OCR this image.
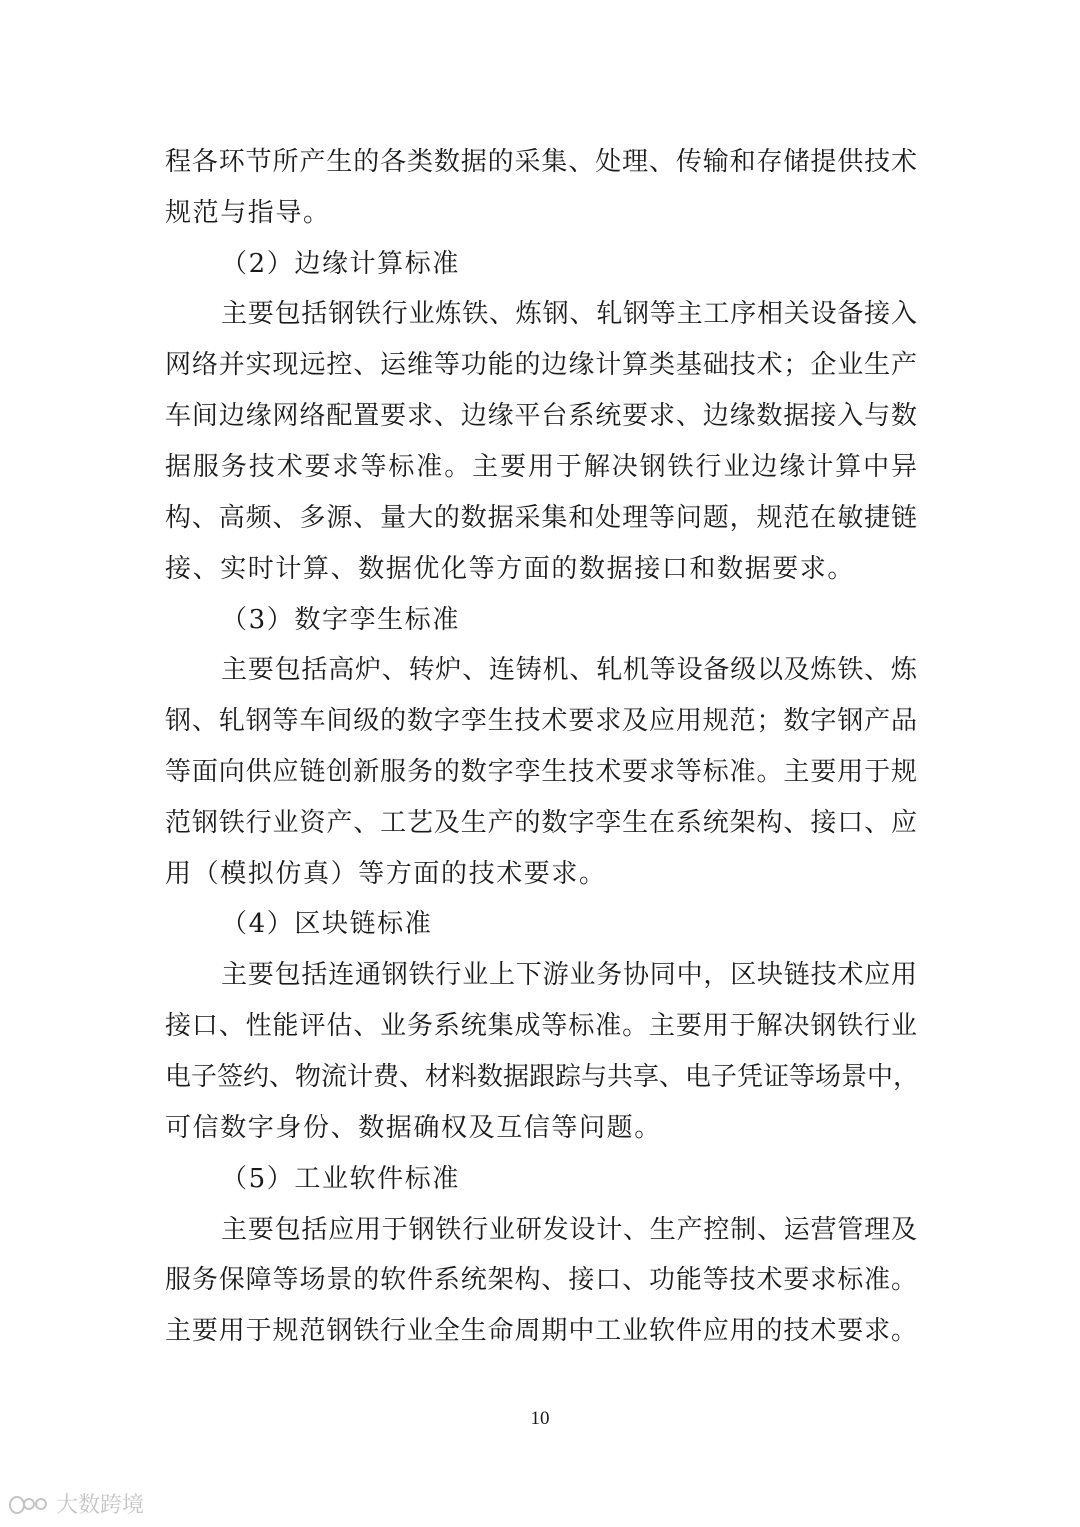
程各环节所产生的各类数据的采集、处理、传输和存储提供技术
规范与指导。
（2）边缘计算标准
主要包括钢铁行业炼铁、炼钢、轧钢等主工序相关设备接入
网络并实现远控、运维等功能的边缘计算类基础技术；企业生产
车间边缘网络配置要求、边缘平台系统要求、边缘数据接入与数
据服务技术要求等标准。主要用于解决钢铁行业边缘计算中异
构、高频、多源、量大的数据采集和处理等问题，规范在敏捷链
接、实时计算、数据优化等方面的数据接口和数据要求。
（3）数字孪生标准
主要包括高炉、转炉、连铸机、轧机等设备级以及炼铁、炼
钢、轧钢等车间级的数字孪生技术要求及应用规范；数字钢产品
等面向供应链创新服务的数字孪生技术要求等标准。主要用于规
范钢铁行业资产、工艺及生产的数字孪生在系统架构、接口、应
用（模拟仿真）等方面的技术要求。
（4）区块链标准
主要包括连通钢铁行业上下游业务协同中，区块链技术应用
接口、性能评估、业务系统集成等标准。主要用于解决钢铁行业
电子签约、物流计费、材料数据跟踪与共享、电子凭证等场景中，
可信数字身份、数据确权及互信等问题。
（5）工业软件标准
主要包括应用于钢铁行业研发设计、生产控制、运营管理及
服务保障等场景的软件系统架构、接口、功能等技术要求标准。
主要用于规范钢铁行业全生命周期中工业软件应用的技术要求。
10
大数跨境
